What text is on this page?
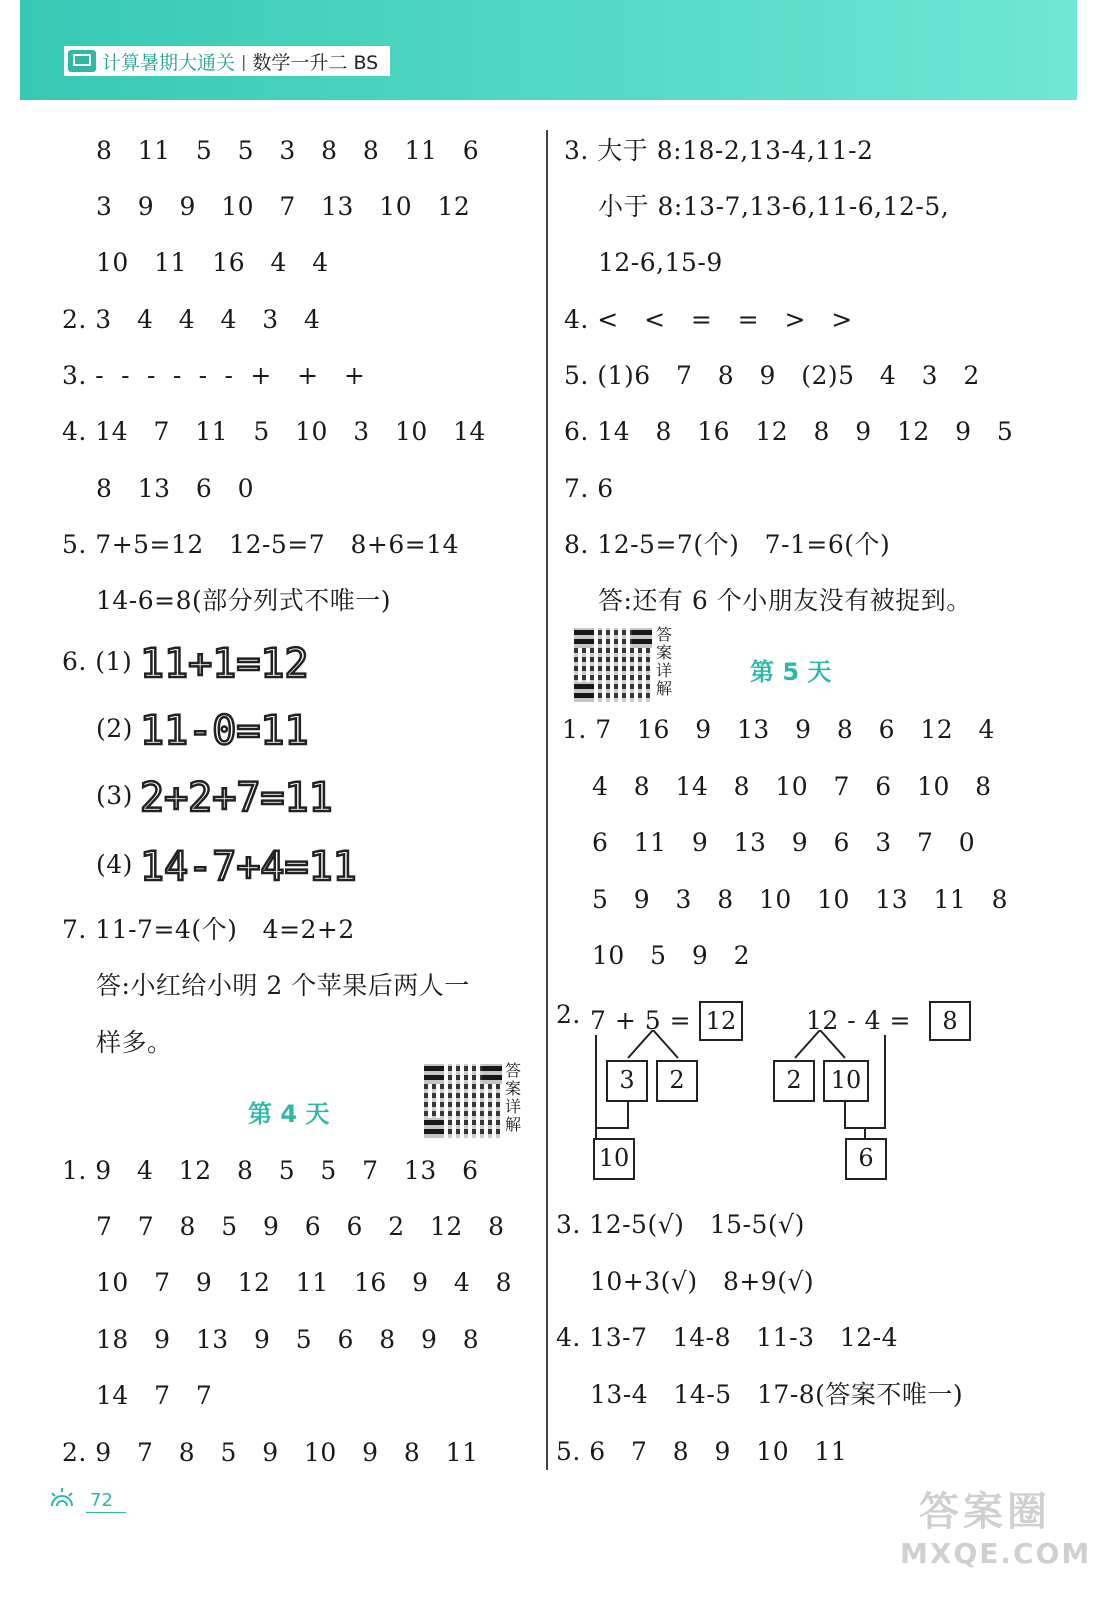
计算暑期大通关 | 数学一升二 BS
8   11   5   5   3   8   8   11   6
3   9   9   10   7   13   10   12
10   11   16   4   4
2. 3   4   4   4   3   4
3. -  -  -  -  -  -  +   +   +
4. 14   7   11   5   10   3   10   14
8   13   6   0
5. 7+5=12   12-5=7   8+6=14
14-6=8(部分列式不唯一)
6. (1) 11+1=12
(2) 11-0=11
(3) 2+2+7=11
(4) 14-7+4=11
7. 11-7=4(个)   4=2+2
答:小红给小明 2 个苹果后两人一
样多。
第 4 天
答案详解
1. 9   4   12   8   5   5   7   13   6
7   7   8   5   9   6   6   2   12   8
10   7   9   12   11   16   9   4   8
18   9   13   9   5   6   8   9   8
14   7   7
2. 9   7   8   5   9   10   9   8   11
3. 大于 8:18-2,13-4,11-2
小于 8:13-7,13-6,11-6,12-5,
12-6,15-9
4. <   <   =   =   >   >
5. (1)6   7   8   9   (2)5   4   3   2
6. 14   8   16   12   8   9   12   9   5
7. 6
8. 12-5=7(个)   7-1=6(个)
答:还有 6 个小朋友没有被捉到。
答案详解
第 5 天
1. 7   16   9   13   9   8   6   12   4
4   8   14   8   10   7   6   10   8
6   11   9   13   9   6   3   7   0
5   9   3   8   10   10   13   11   8
10   5   9   2
2. 7 + 5 = 12
3	2
10
12 - 4 =	8
2	10
6
3. 12-5(√)   15-5(√)
10+3(√)   8+9(√)
4. 13-7   14-8   11-3   12-4
13-4   14-5   17-8(答案不唯一)
5. 6   7   8   9   10   11
72	答案圈
MXQE.COM
